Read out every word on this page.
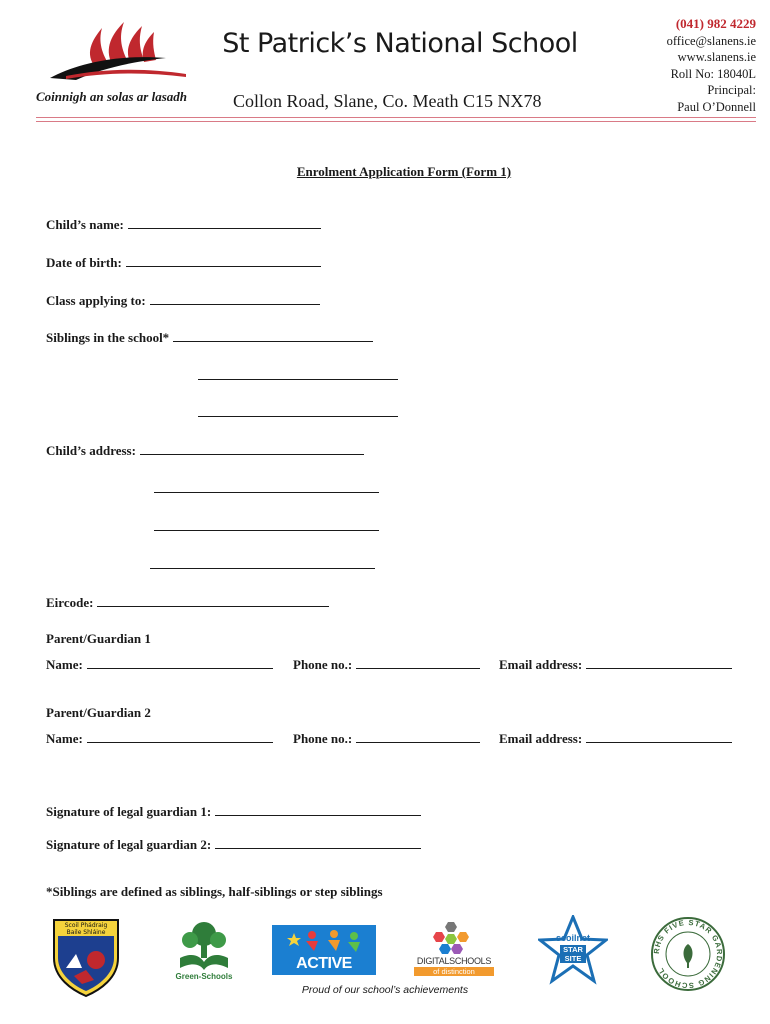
Coinnigh an solas ar lasadh
St Patrick’s National School
Collon Road, Slane, Co. Meath C15 NX78
(041) 982 4229
office@slanens.ie
www.slanens.ie
Roll No: 18040L
Principal:
Paul O’Donnell
Enrolment Application Form (Form 1)
Child’s name:
Date of birth:
Class applying to:
Siblings in the school*
Child’s address:
Eircode:
Parent/Guardian 1
Name:	Phone no.:	Email address:
Parent/Guardian 2
Name:	Phone no.:	Email address:
Signature of legal guardian 1:
Signature of legal guardian 2:
*Siblings are defined as siblings, half-siblings or step siblings
Scoil Phádraig Baile Shláine
Green-Schools
ACTIVE SCHOOL
DIGITALSCHOOLS
of distinction
scoilnet
STAR
SITE
RHS FIVE STAR GARDENING SCHOOL
Proud of our school’s achievements
